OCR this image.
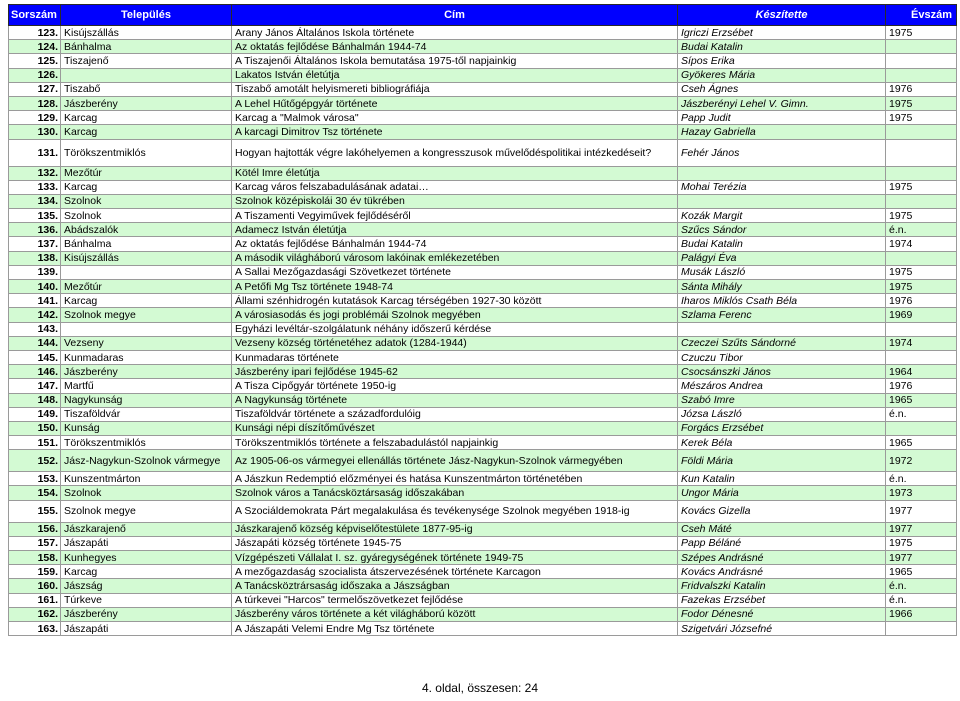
Sorszám	Település	Cím	Készítette	Évszám
123.	Kisújszállás	Arany János Általános Iskola története	Igriczi Erzsébet	1975
124.	Bánhalma	Az oktatás fejlődése Bánhalmán 1944-74	Budai Katalin	
125.	Tiszajenő	A Tiszajenői Általános Iskola bemutatása 1975-től napjainkig	Sípos Erika	
126.		Lakatos István életútja	Gyökeres Mária	
127.	Tiszabő	Tiszabő amotált helyismereti bibliográfiája	Cseh Ágnes	1976
128.	Jászberény	A Lehel Hűtőgépgyár története	Jászberényi Lehel V. Gimn.	1975
129.	Karcag	Karcag a "Malmok városa"	Papp Judit	1975
130.	Karcag	A karcagi Dimitrov Tsz története	Hazay Gabriella	
131.	Törökszentmiklós	Hogyan hajtották végre lakóhelyemen a kongresszusok művelődéspolitikai intézkedéseit?	Fehér János	
132.	Mezőtúr	Kötél Imre életútja		
133.	Karcag	Karcag város felszabadulásának adatai…	Mohai Terézia	1975
134.	Szolnok	Szolnok középiskolái 30 év tükrében		
135.	Szolnok	A Tiszamenti Vegyiművek fejlődéséről	Kozák Margit	1975
136.	Abádszalók	Adamecz István életútja	Szűcs Sándor	é.n.
137.	Bánhalma	Az oktatás fejlődése Bánhalmán 1944-74	Budai Katalin	1974
138.	Kisújszállás	A második világháború városom lakóinak emlékezetében	Palágyi Éva	
139.		A Sallai Mezőgazdasági Szövetkezet története	Musák László	1975
140.	Mezőtúr	A Petőfi Mg Tsz története 1948-74	Sánta Mihály	1975
141.	Karcag	Állami szénhidrogén kutatások Karcag térségében 1927-30 között	Iharos Miklós Csath Béla	1976
142.	Szolnok megye	A városiasodás és jogi problémái Szolnok megyében	Szlama Ferenc	1969
143.		Egyházi levéltár-szolgálatunk néhány időszerű kérdése		
144.	Vezseny	Vezseny község történetéhez adatok (1284-1944)	Czeczei Szűts Sándorné	1974
145.	Kunmadaras	Kunmadaras története	Czuczu Tibor	
146.	Jászberény	Jászberény ipari fejlődése 1945-62	Csocsánszki János	1964
147.	Martfű	A Tisza Cipőgyár története 1950-ig	Mészáros Andrea	1976
148.	Nagykunság	A Nagykunság története	Szabó Imre	1965
149.	Tiszaföldvár	Tiszaföldvár története a századfordulóig	Józsa László	é.n.
150.	Kunság	Kunsági népi díszítőművészet	Forgács Erzsébet	
151.	Törökszentmiklós	Törökszentmiklós története a felszabadulástól napjainkig	Kerek Béla	1965
152.	Jász-Nagykun-Szolnok vármegye	Az 1905-06-os vármegyei ellenállás története Jász-Nagykun-Szolnok vármegyében	Földi Mária	1972
153.	Kunszentmárton	A Jászkun Redemptió előzményei és hatása Kunszentmárton történetében	Kun Katalin	é.n.
154.	Szolnok	Szolnok város a Tanácsköztársaság időszakában	Ungor Mária	1973
155.	Szolnok megye	A Szociáldemokrata Párt megalakulása és tevékenysége Szolnok megyében 1918-ig	Kovács Gizella	1977
156.	Jászkarajenő	Jászkarajenő község képviselőtestülete 1877-95-ig	Cseh Máté	1977
157.	Jászapáti	Jászapáti község története 1945-75	Papp Béláné	1975
158.	Kunhegyes	Vízgépészeti Vállalat I. sz. gyáregységének története 1949-75	Szépes Andrásné	1977
159.	Karcag	A mezőgazdaság szocialista átszervezésének története Karcagon	Kovács Andrásné	1965
160.	Jászság	A Tanácsköztrársaság időszaka a Jászságban	Fridvalszki Katalin	é.n.
161.	Túrkeve	A túrkevei "Harcos" termelőszövetkezet fejlődése	Fazekas Erzsébet	é.n.
162.	Jászberény	Jászberény város története a két világháború között	Fodor Dénesné	1966
163.	Jászapáti	A Jászapáti Velemi Endre Mg Tsz története	Szigetvári Józsefné	
4. oldal, összesen: 24
